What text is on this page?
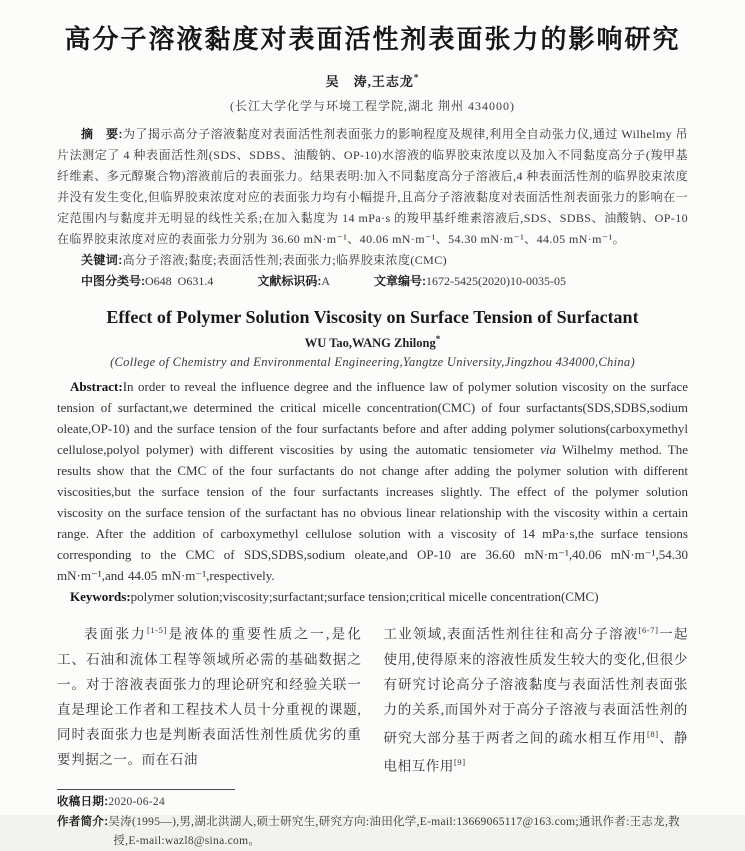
高分子溶液黏度对表面活性剂表面张力的影响研究

吴　涛,王志龙*

(长江大学化学与环境工程学院,湖北 荆州 434000)

摘　要:为了揭示高分子溶液黏度对表面活性剂表面张力的影响程度及规律,利用全自动张力仪,通过 Wilhelmy 吊片法测定了 4 种表面活性剂(SDS、SDBS、油酸钠、OP-10)水溶液的临界胶束浓度以及加入不同黏度高分子(羧甲基纤维素、多元醇聚合物)溶液前后的表面张力。结果表明:加入不同黏度高分子溶液后,4 种表面活性剂的临界胶束浓度并没有发生变化,但临界胶束浓度对应的表面张力均有小幅提升,且高分子溶液黏度对表面活性剂表面张力的影响在一定范围内与黏度并无明显的线性关系;在加入黏度为 14 mPa·s 的羧甲基纤维素溶液后,SDS、SDBS、油酸钠、OP-10 在临界胶束浓度对应的表面张力分别为 36.60 mN·m⁻¹、40.06 mN·m⁻¹、54.30 mN·m⁻¹、44.05 mN·m⁻¹。

关键词:高分子溶液;黏度;表面活性剂;表面张力;临界胶束浓度(CMC)

中图分类号:O648 O631.4	文献标识码:A	文章编号:1672-5425(2020)10-0035-05

Effect of Polymer Solution Viscosity on Surface Tension of Surfactant

WU Tao,WANG Zhilong*

(College of Chemistry and Environmental Engineering,Yangtze University,Jingzhou 434000,China)

Abstract:In order to reveal the influence degree and the influence law of polymer solution viscosity on the surface tension of surfactant,we determined the critical micelle concentration(CMC) of four surfactants(SDS,SDBS,sodium oleate,OP-10) and the surface tension of the four surfactants before and after adding polymer solutions(carboxymethyl cellulose,polyol polymer) with different viscosities by using the automatic tensiometer via Wilhelmy method. The results show that the CMC of the four surfactants do not change after adding the polymer solution with different viscosities,but the surface tension of the four surfactants increases slightly. The effect of the polymer solution viscosity on the surface tension of the surfactant has no obvious linear relationship with the viscosity within a certain range. After the addition of carboxymethyl cellulose solution with a viscosity of 14 mPa·s,the surface tensions corresponding to the CMC of SDS,SDBS,sodium oleate,and OP-10 are 36.60 mN·m⁻¹,40.06 mN·m⁻¹,54.30 mN·m⁻¹,and 44.05 mN·m⁻¹,respectively.

Keywords:polymer solution;viscosity;surfactant;surface tension;critical micelle concentration(CMC)

表面张力[1-5]是液体的重要性质之一,是化工、石油和流体工程等领域所必需的基础数据之一。对于溶液表面张力的理论研究和经验关联一直是理论工作者和工程技术人员十分重视的课题,同时表面张力也是判断表面活性剂性质优劣的重要判据之一。而在石油

工业领域,表面活性剂往往和高分子溶液[6-7]一起使用,使得原来的溶液性质发生较大的变化,但很少有研究讨论高分子溶液黏度与表面活性剂表面张力的关系,而国外对于高分子溶液与表面活性剂的研究大部分基于两者之间的疏水相互作用[8]、静电相互作用[9]

收稿日期:2020-06-24

作者简介:吴涛(1995—),男,湖北洪湖人,硕士研究生,研究方向:油田化学,E-mail:13669065117@163.com;通讯作者:王志龙,教授,E-mail:wazl8@sina.com。
